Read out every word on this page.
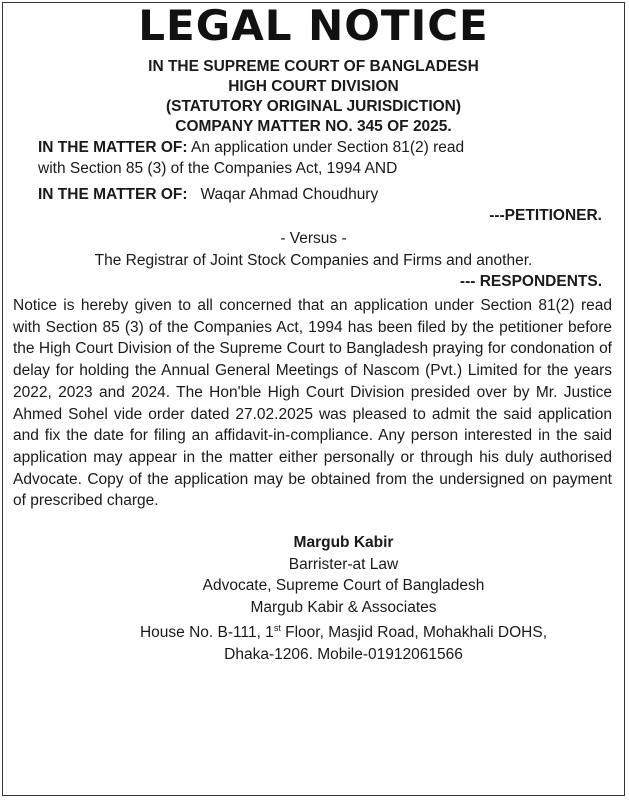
LEGAL NOTICE
IN THE SUPREME COURT OF BANGLADESH
HIGH COURT DIVISION
(STATUTORY ORIGINAL JURISDICTION)
COMPANY MATTER NO. 345 OF 2025.
IN THE MATTER OF: An application under Section 81(2) read
with Section 85 (3) of the Companies Act, 1994 AND
IN THE MATTER OF:   Waqar Ahmad Choudhury
---PETITIONER.
- Versus -
The Registrar of Joint Stock Companies and Firms and another.
--- RESPONDENTS.
Notice is hereby given to all concerned that an application under Section 81(2) read with Section 85 (3) of the Companies Act, 1994 has been filed by the petitioner before the High Court Division of the Supreme Court to Bangladesh praying for condonation of delay for holding the Annual General Meetings of Nascom (Pvt.) Limited for the years 2022, 2023 and 2024. The Hon'ble High Court Division presided over by Mr. Justice Ahmed Sohel vide order dated 27.02.2025 was pleased to admit the said application and fix the date for filing an affidavit-in-compliance. Any person interested in the said application may appear in the matter either personally or through his duly authorised Advocate. Copy of the application may be obtained from the undersigned on payment of prescribed charge.
Margub Kabir
Barrister-at Law
Advocate, Supreme Court of Bangladesh
Margub Kabir & Associates
House No. B-111, 1st Floor, Masjid Road, Mohakhali DOHS,
Dhaka-1206. Mobile-01912061566
